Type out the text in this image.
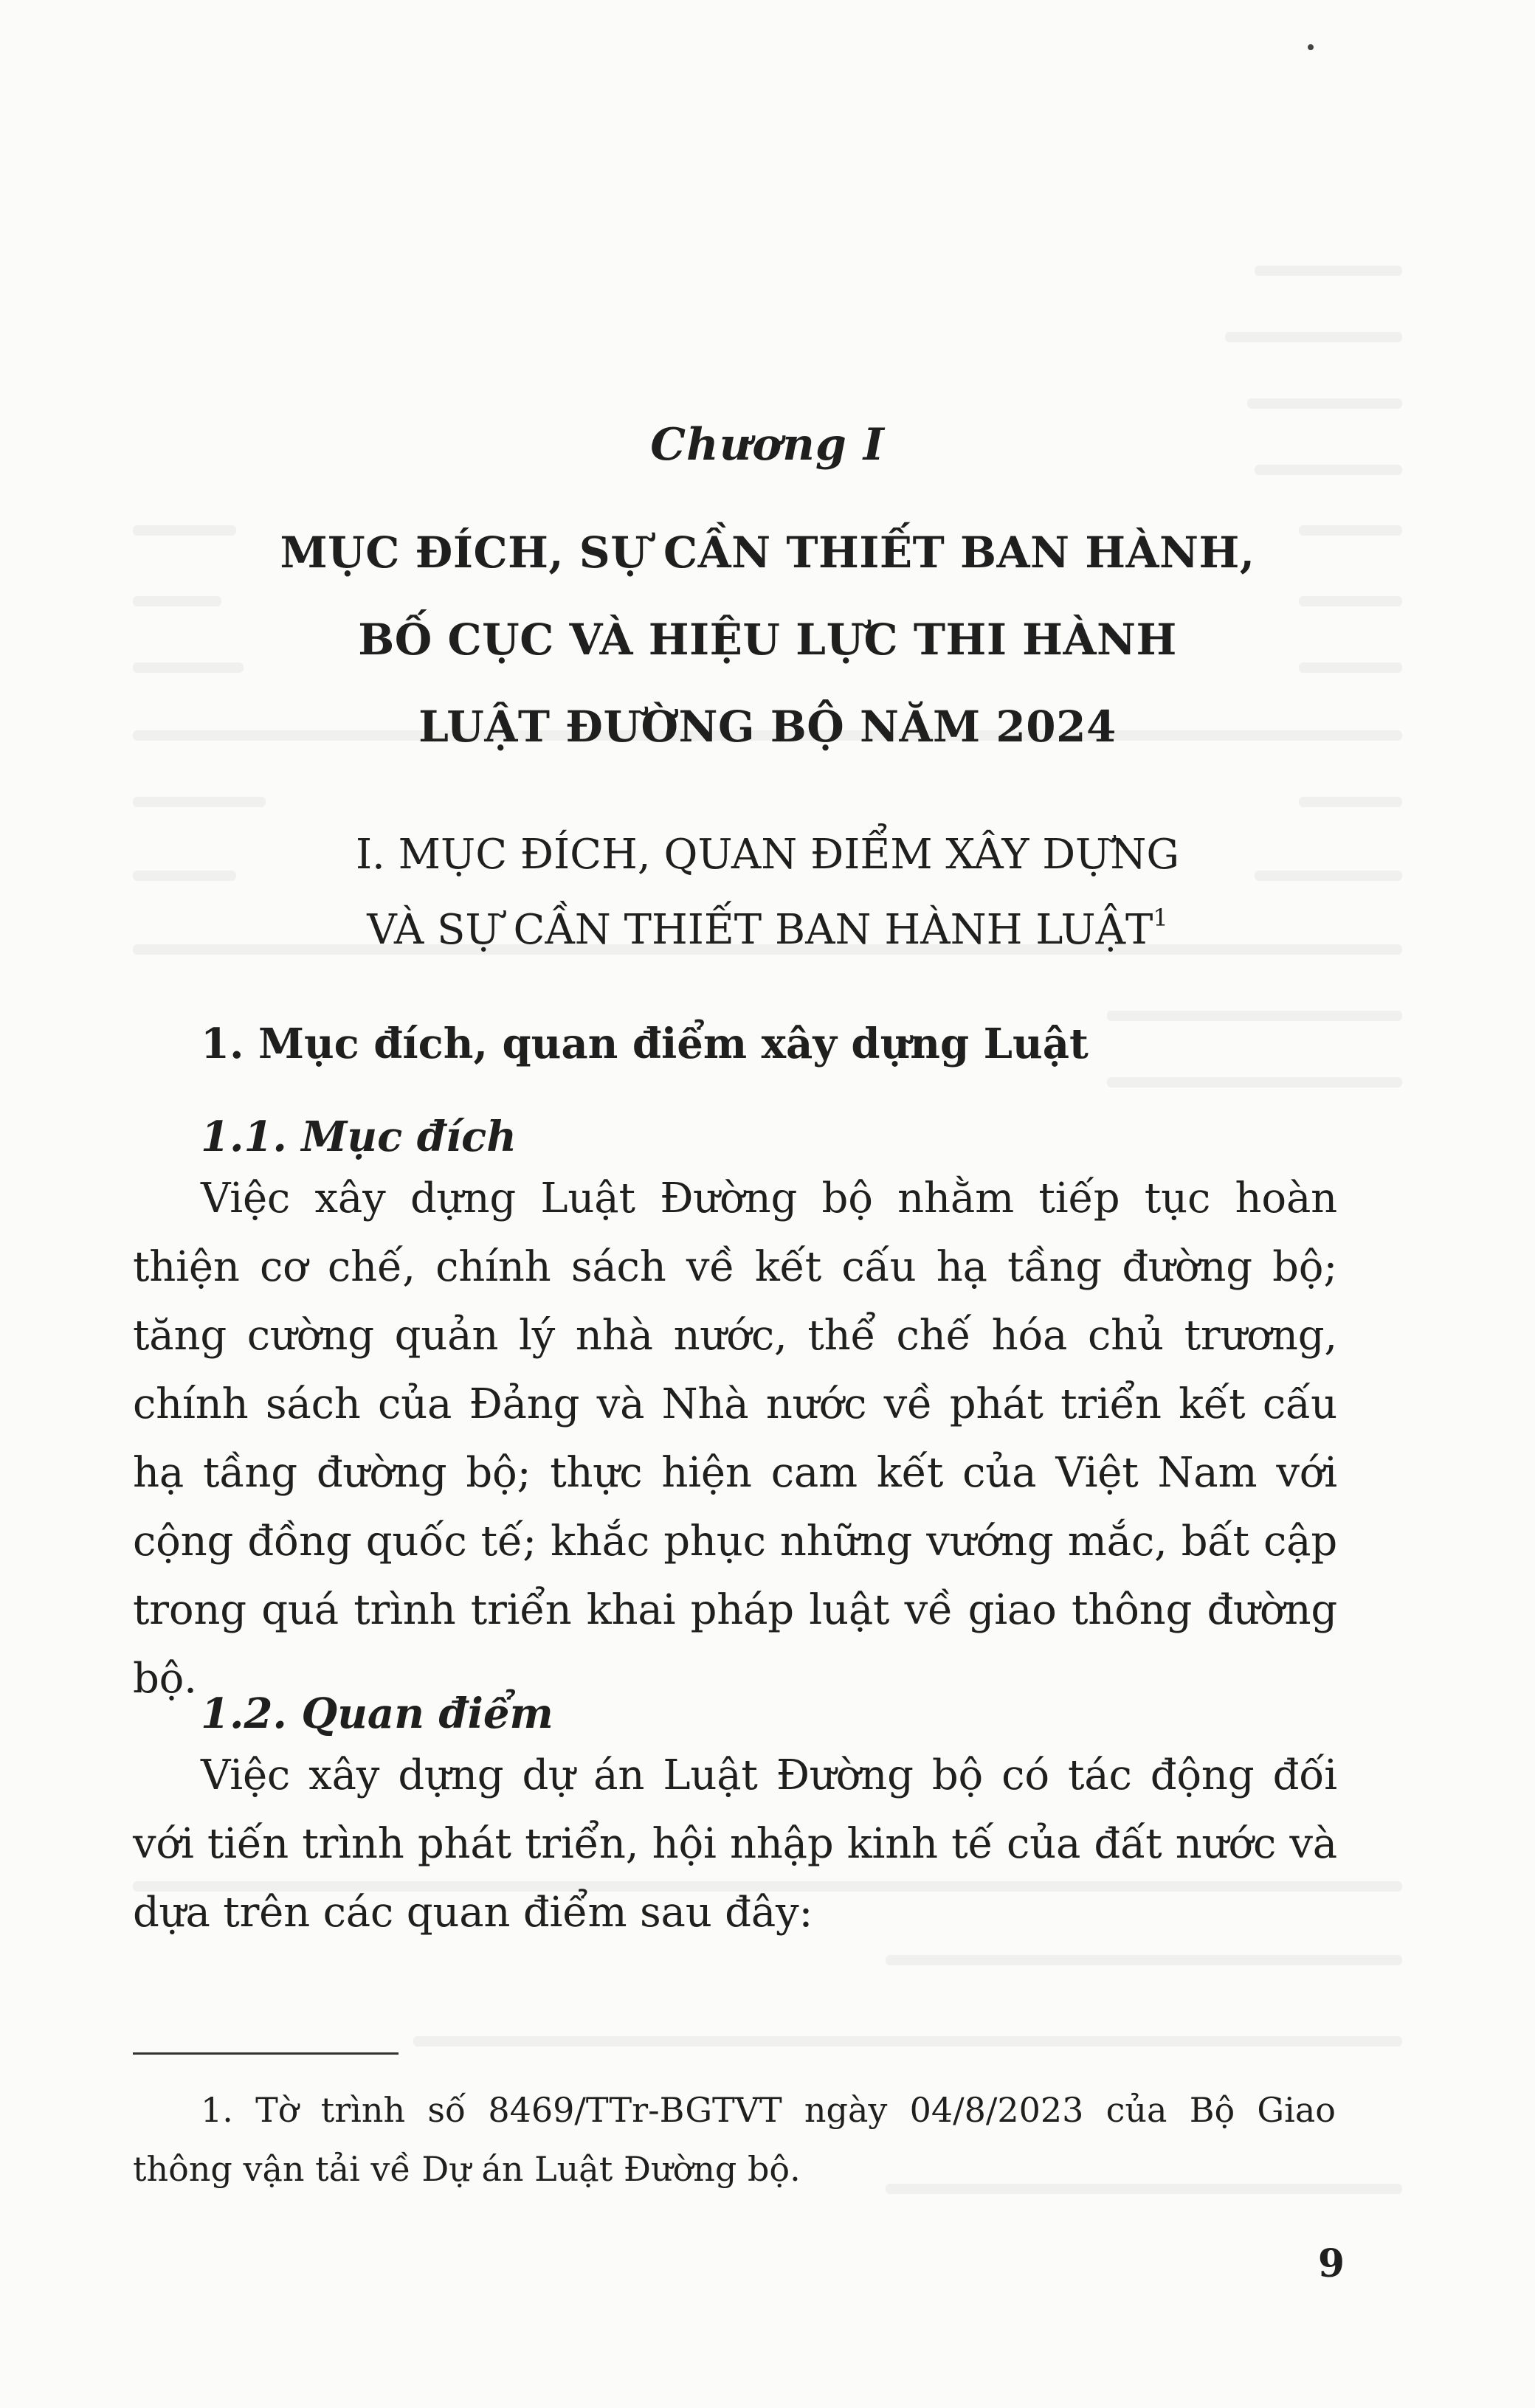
Chương I
MỤC ĐÍCH, SỰ CẦN THIẾT BAN HÀNH,
BỐ CỤC VÀ HIỆU LỰC THI HÀNH
LUẬT ĐƯỜNG BỘ NĂM 2024
I. MỤC ĐÍCH, QUAN ĐIỂM XÂY DỰNG
VÀ SỰ CẦN THIẾT BAN HÀNH LUẬT$^1$
1. Mục đích, quan điểm xây dựng Luật
1.1. Mục đích

Việc xây dựng Luật Đường bộ nhằm tiếp tục hoàn thiện cơ chế, chính sách về kết cấu hạ tầng đường bộ; tăng cường quản lý nhà nước, thể chế hóa chủ trương, chính sách của Đảng và Nhà nước về phát triển kết cấu hạ tầng đường bộ; thực hiện cam kết của Việt Nam với cộng đồng quốc tế; khắc phục những vướng mắc, bất cập trong quá trình triển khai pháp luật về giao thông đường bộ.

1.2. Quan điểm

Việc xây dựng dự án Luật Đường bộ có tác động đối với tiến trình phát triển, hội nhập kinh tế của đất nước và dựa trên các quan điểm sau đây:

1. Tờ trình số 8469/TTr-BGTVT ngày 04/8/2023 của Bộ Giao thông vận tải về Dự án Luật Đường bộ.

9
